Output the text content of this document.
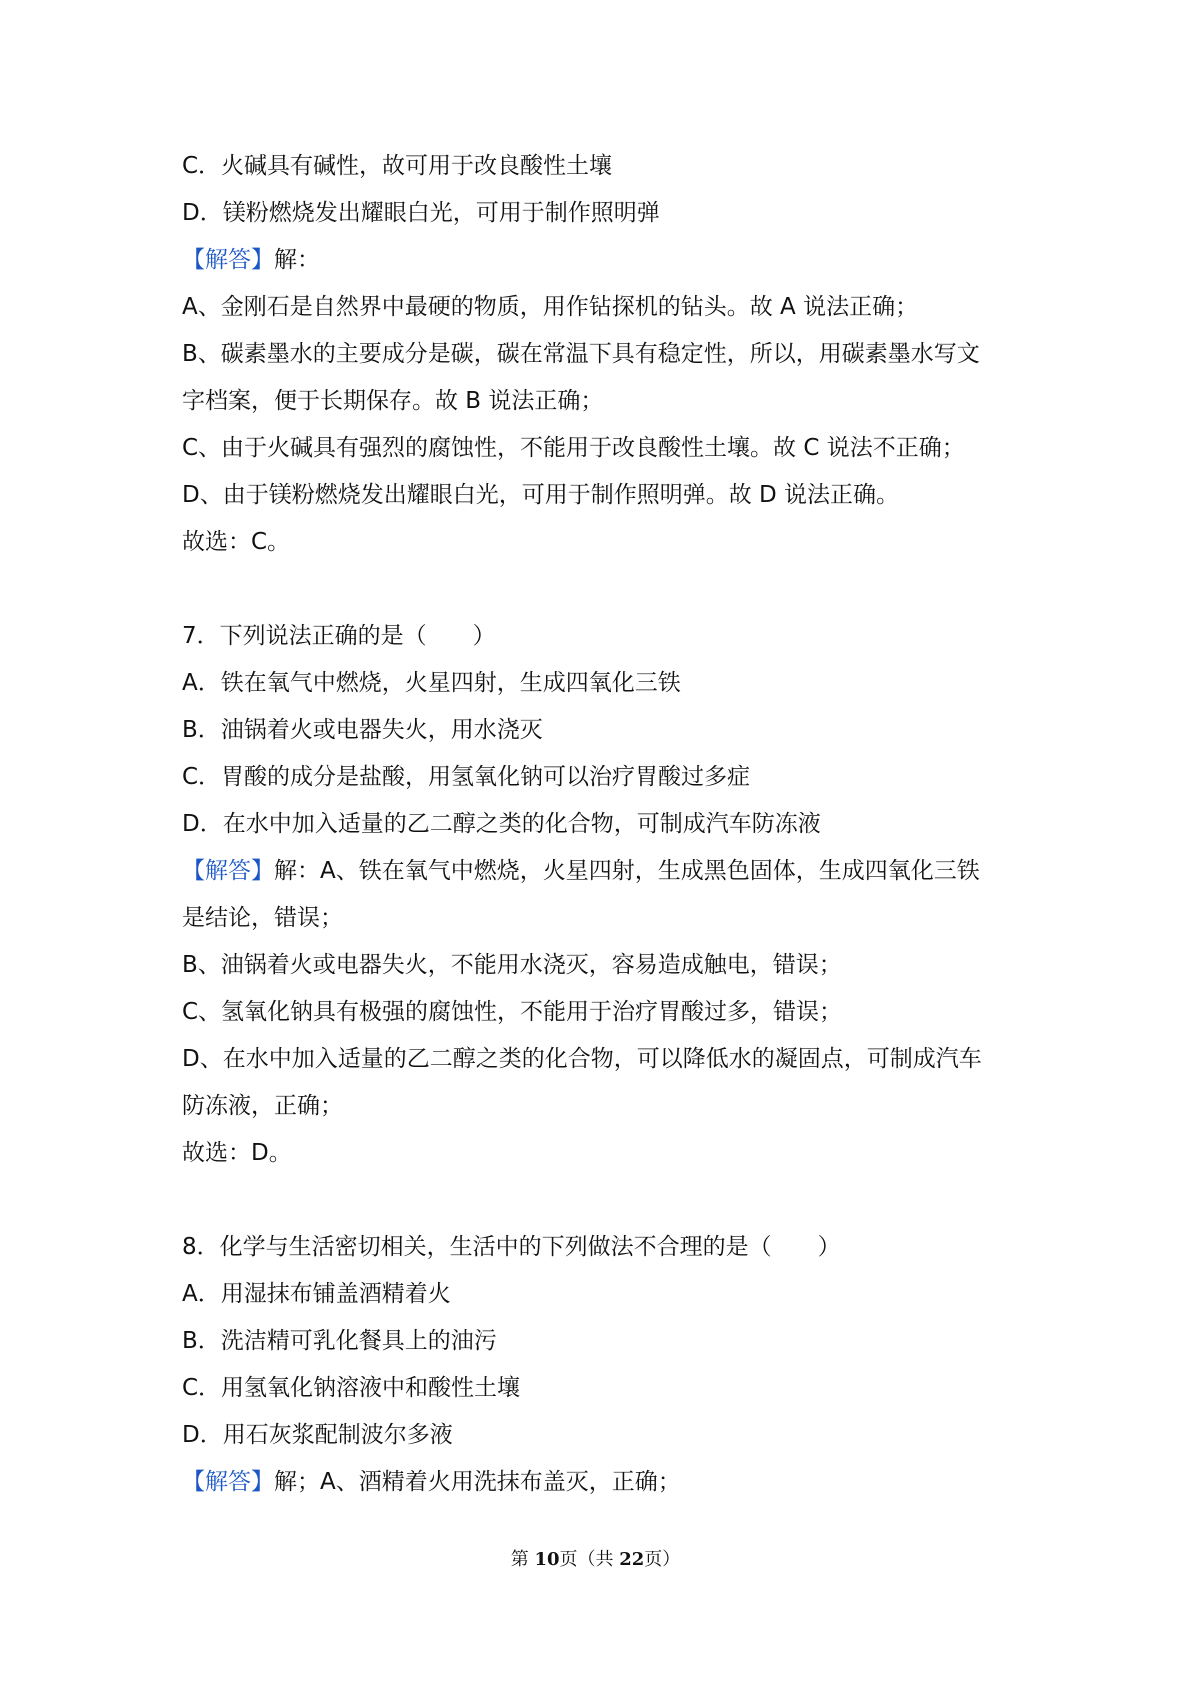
C．火碱具有碱性，故可用于改良酸性土壤
D．镁粉燃烧发出耀眼白光，可用于制作照明弹
【解答】解：
A、金刚石是自然界中最硬的物质，用作钻探机的钻头。故 A 说法正确；
B、碳素墨水的主要成分是碳，碳在常温下具有稳定性，所以，用碳素墨水写文
字档案，便于长期保存。故 B 说法正确；
C、由于火碱具有强烈的腐蚀性，不能用于改良酸性土壤。故 C 说法不正确；
D、由于镁粉燃烧发出耀眼白光，可用于制作照明弹。故 D 说法正确。
故选：C。
7．下列说法正确的是（　　）
A．铁在氧气中燃烧，火星四射，生成四氧化三铁
B．油锅着火或电器失火，用水浇灭
C．胃酸的成分是盐酸，用氢氧化钠可以治疗胃酸过多症
D．在水中加入适量的乙二醇之类的化合物，可制成汽车防冻液
【解答】解：A、铁在氧气中燃烧，火星四射，生成黑色固体，生成四氧化三铁
是结论，错误；
B、油锅着火或电器失火，不能用水浇灭，容易造成触电，错误；
C、氢氧化钠具有极强的腐蚀性，不能用于治疗胃酸过多，错误；
D、在水中加入适量的乙二醇之类的化合物，可以降低水的凝固点，可制成汽车
防冻液，正确；
故选：D。
8．化学与生活密切相关，生活中的下列做法不合理的是（　　）
A．用湿抹布铺盖酒精着火
B．洗洁精可乳化餐具上的油污
C．用氢氧化钠溶液中和酸性土壤
D．用石灰浆配制波尔多液
【解答】解；A、酒精着火用洗抹布盖灭，正确；
第 10页（共 22页）
